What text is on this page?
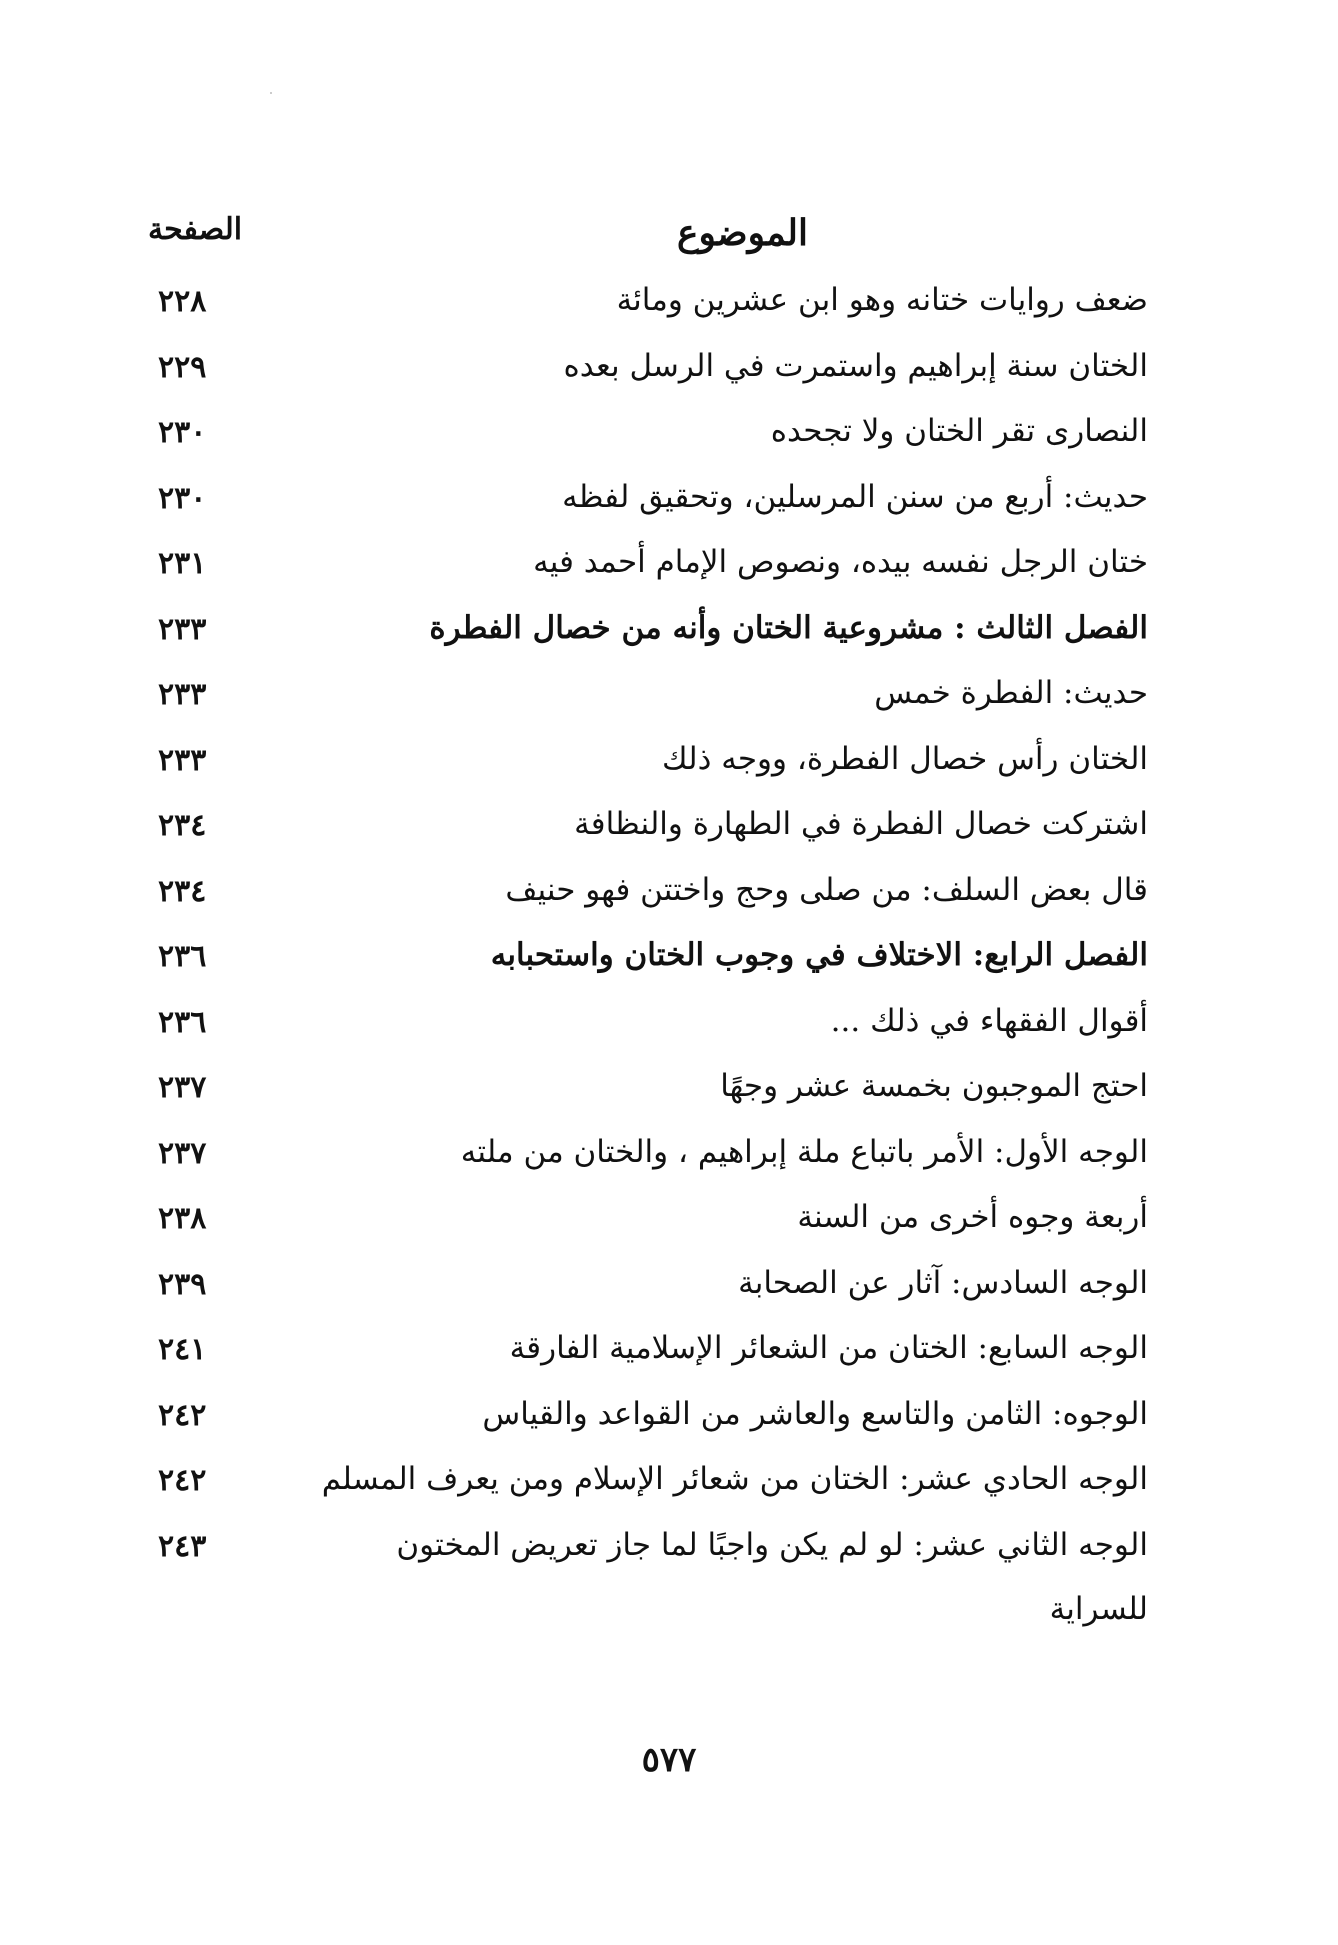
الموضوع
الصفحة
ضعف روايات ختانه وهو ابن عشرين ومائة
٢٢٨
الختان سنة إبراهيم واستمرت في الرسل بعده
٢٢٩
النصارى تقر الختان ولا تجحده
٢٣٠
حديث: أربع من سنن المرسلين، وتحقيق لفظه
٢٣٠
ختان الرجل نفسه بيده، ونصوص الإمام أحمد فيه
٢٣١
الفصل الثالث : مشروعية الختان وأنه من خصال الفطرة
٢٣٣
حديث: الفطرة خمس
٢٣٣
الختان رأس خصال الفطرة، ووجه ذلك
٢٣٣
اشتركت خصال الفطرة في الطهارة والنظافة
٢٣٤
قال بعض السلف: من صلى وحج واختتن فهو حنيف
٢٣٤
الفصل الرابع: الاختلاف في وجوب الختان واستحبابه
٢٣٦
أقوال الفقهاء في ذلك ...
٢٣٦
احتج الموجبون بخمسة عشر وجهًا
٢٣٧
الوجه الأول: الأمر باتباع ملة إبراهيم ، والختان من ملته
٢٣٧
أربعة وجوه أخرى من السنة
٢٣٨
الوجه السادس: آثار عن الصحابة
٢٣٩
الوجه السابع: الختان من الشعائر الإسلامية الفارقة
٢٤١
الوجوه: الثامن والتاسع والعاشر من القواعد والقياس
٢٤٢
الوجه الحادي عشر: الختان من شعائر الإسلام ومن يعرف المسلم
٢٤٢
الوجه الثاني عشر: لو لم يكن واجبًا لما جاز تعريض المختون
للسراية
٢٤٣
٥٧٧
